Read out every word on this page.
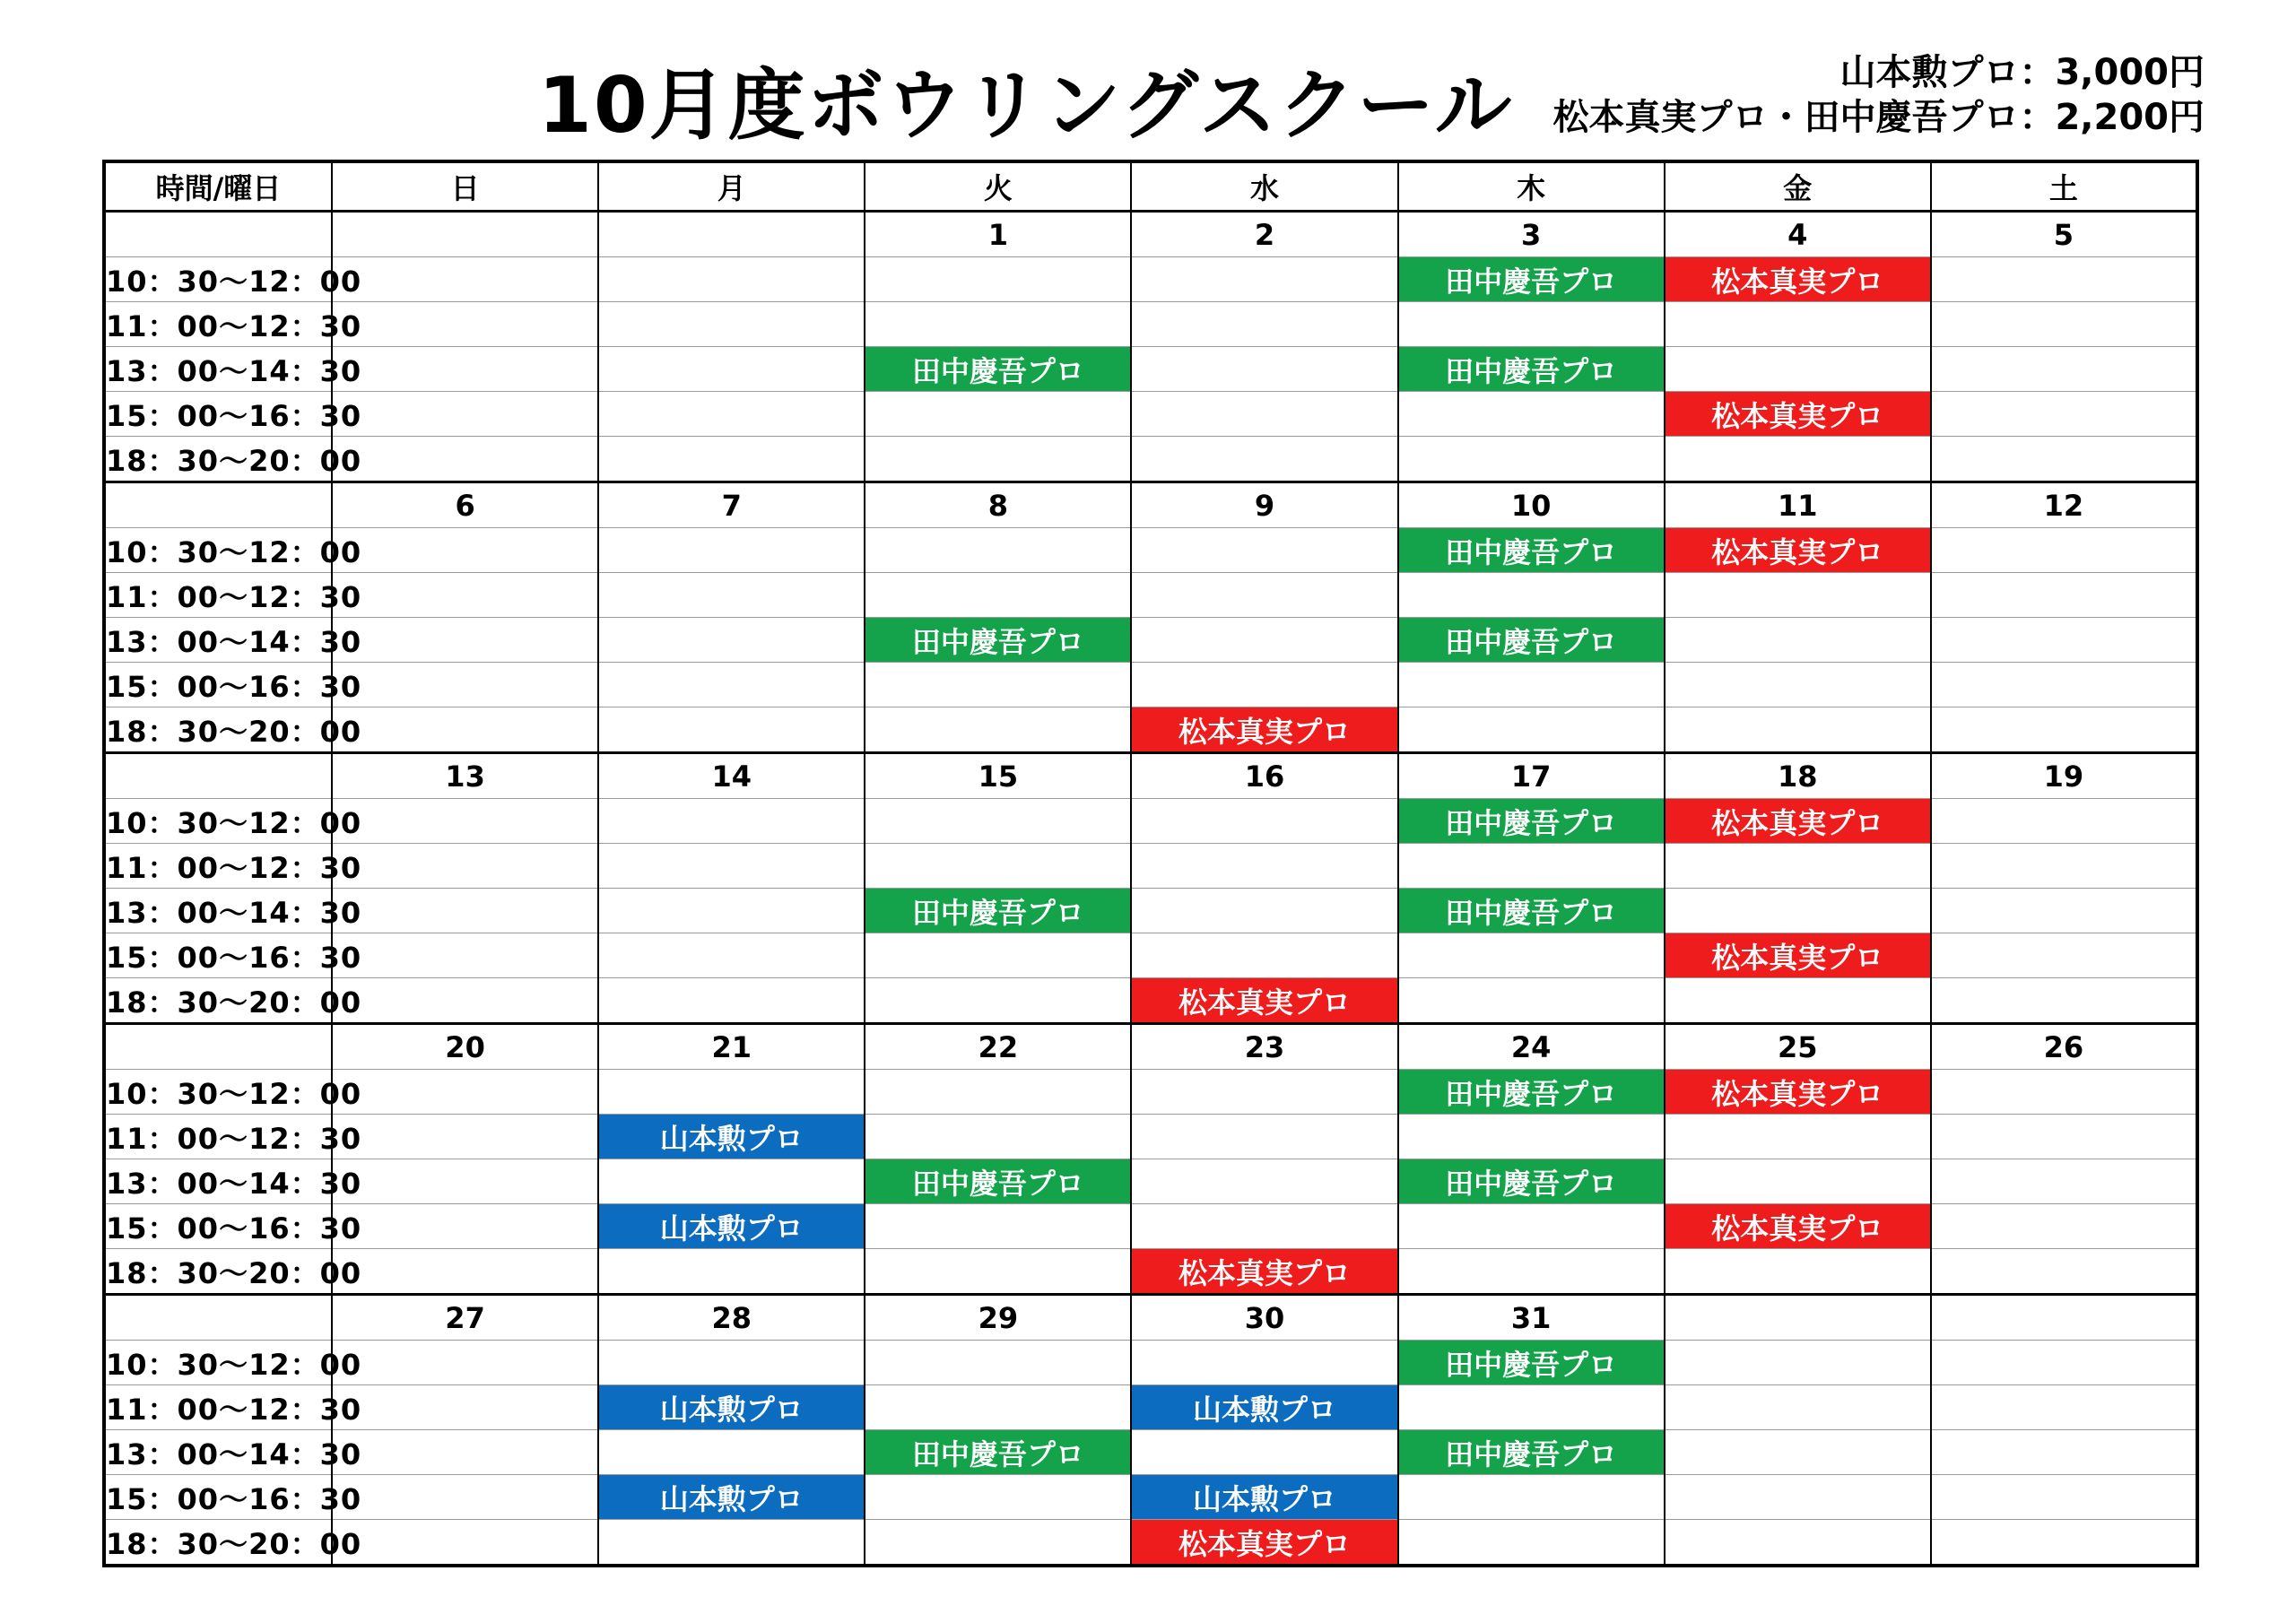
10月度ボウリングスクール	山本勲プロ：3,000円
松本真実プロ・田中慶吾プロ：2,200円
時間/曜日	日	月	火	水	木	金	土
			1	2	3	4	5
10：30～12：00					田中慶吾プロ	松本真実プロ	
11：00～12：30							
13：00～14：30			田中慶吾プロ		田中慶吾プロ		
15：00～16：30						松本真実プロ	
18：30～20：00							
	6	7	8	9	10	11	12
10：30～12：00					田中慶吾プロ	松本真実プロ	
11：00～12：30							
13：00～14：30			田中慶吾プロ		田中慶吾プロ		
15：00～16：30							
18：30～20：00				松本真実プロ			
	13	14	15	16	17	18	19
10：30～12：00					田中慶吾プロ	松本真実プロ	
11：00～12：30							
13：00～14：30			田中慶吾プロ		田中慶吾プロ		
15：00～16：30						松本真実プロ	
18：30～20：00				松本真実プロ			
	20	21	22	23	24	25	26
10：30～12：00					田中慶吾プロ	松本真実プロ	
11：00～12：30		山本勲プロ					
13：00～14：30			田中慶吾プロ		田中慶吾プロ		
15：00～16：30		山本勲プロ				松本真実プロ	
18：30～20：00				松本真実プロ			
	27	28	29	30	31		
10：30～12：00					田中慶吾プロ		
11：00～12：30		山本勲プロ		山本勲プロ			
13：00～14：30			田中慶吾プロ		田中慶吾プロ		
15：00～16：30		山本勲プロ		山本勲プロ			
18：30～20：00				松本真実プロ			
